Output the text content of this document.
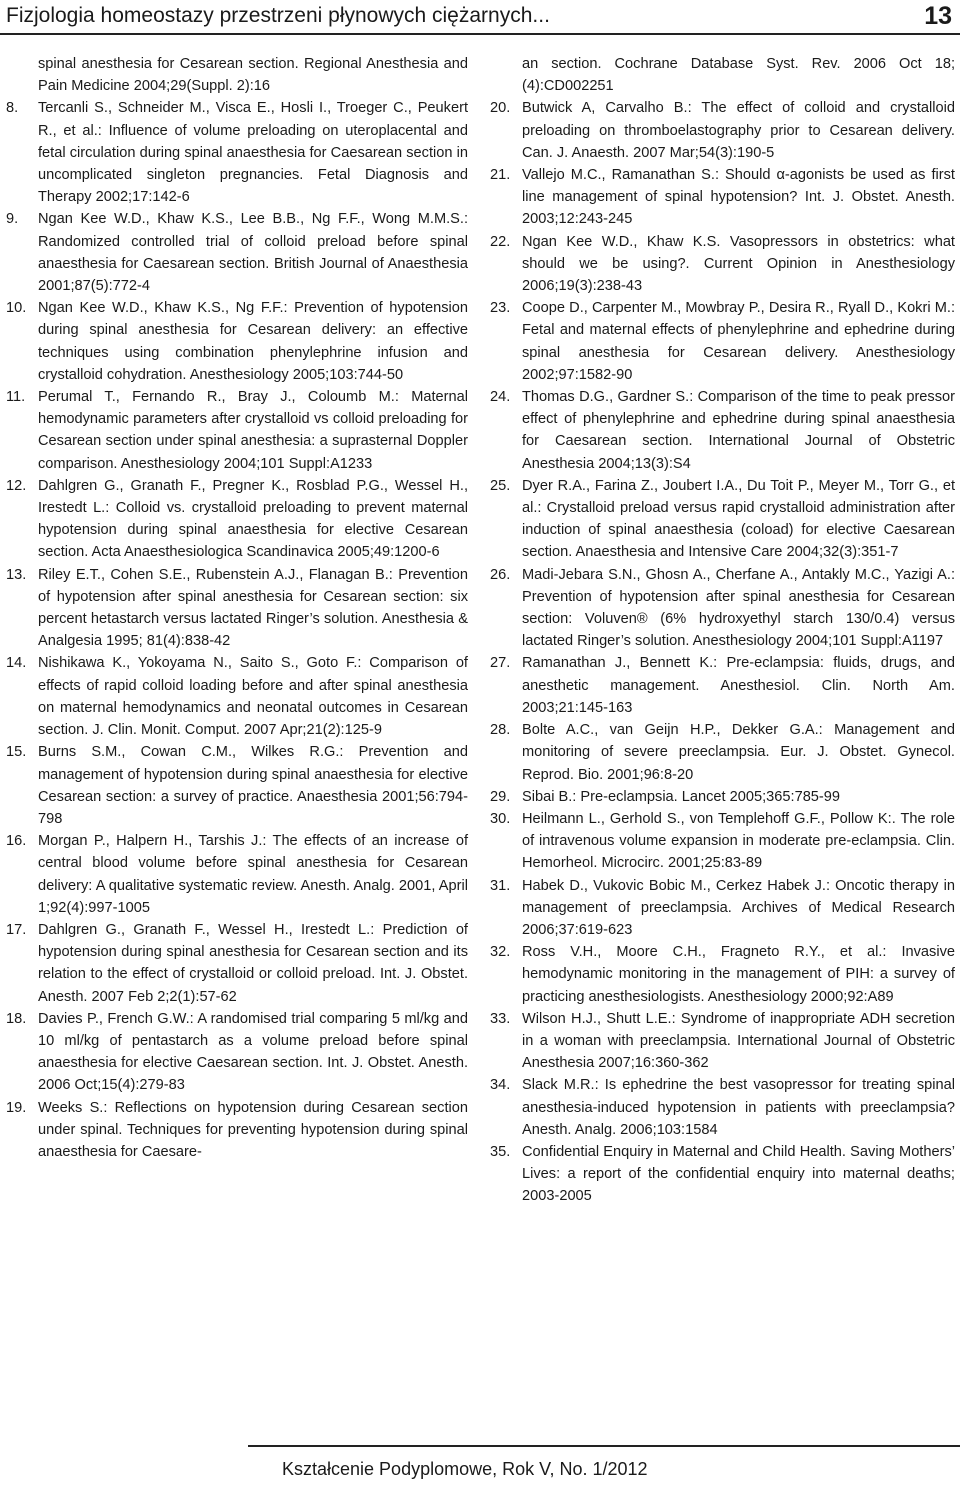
Fizjologia homeostazy przestrzeni płynowych ciężarnych...	13
spinal anesthesia for Cesarean section. Regional Anesthesia and Pain Medicine 2004;29(Suppl. 2):16
8. Tercanli S., Schneider M., Visca E., Hosli I., Troeger C., Peukert R., et al.: Influence of volume preloading on uteroplacental and fetal circulation during spinal anaesthesia for Caesarean section in uncomplicated singleton pregnancies. Fetal Diagnosis and Therapy 2002;17:142-6
9. Ngan Kee W.D., Khaw K.S., Lee B.B., Ng F.F., Wong M.M.S.: Randomized controlled trial of colloid preload before spinal anaesthesia for Caesarean section. British Journal of Anaesthesia 2001;87(5):772-4
10. Ngan Kee W.D., Khaw K.S., Ng F.F.: Prevention of hypotension during spinal anesthesia for Cesarean delivery: an effective techniques using combination phenylephrine infusion and crystalloid cohydration. Anesthesiology 2005;103:744-50
11. Perumal T., Fernando R., Bray J., Coloumb M.: Maternal hemodynamic parameters after crystalloid vs colloid preloading for Cesarean section under spinal anesthesia: a suprasternal Doppler comparison. Anesthesiology 2004;101 Suppl:A1233
12. Dahlgren G., Granath F., Pregner K., Rosblad P.G., Wessel H., Irestedt L.: Colloid vs. crystalloid preloading to prevent maternal hypotension during spinal anaesthesia for elective Cesarean section. Acta Anaesthesiologica Scandinavica 2005;49:1200-6
13. Riley E.T., Cohen S.E., Rubenstein A.J., Flanagan B.: Prevention of hypotension after spinal anesthesia for Cesarean section: six percent hetastarch versus lactated Ringer’s solution. Anesthesia & Analgesia 1995; 81(4):838-42
14. Nishikawa K., Yokoyama N., Saito S., Goto F.: Comparison of effects of rapid colloid loading before and after spinal anesthesia on maternal hemodynamics and neonatal outcomes in Cesarean section. J. Clin. Monit. Comput. 2007 Apr;21(2):125-9
15. Burns S.M., Cowan C.M., Wilkes R.G.: Prevention and management of hypotension during spinal anaesthesia for elective Cesarean section: a survey of practice. Anaesthesia 2001;56:794-798
16. Morgan P., Halpern H., Tarshis J.: The effects of an increase of central blood volume before spinal anesthesia for Cesarean delivery: A qualitative systematic review. Anesth. Analg. 2001, April 1;92(4):997-1005
17. Dahlgren G., Granath F., Wessel H., Irestedt L.: Prediction of hypotension during spinal anesthesia for Cesarean section and its relation to the effect of crystalloid or colloid preload. Int. J. Obstet. Anesth. 2007 Feb 2;2(1):57-62
18. Davies P., French G.W.: A randomised trial comparing 5 ml/kg and 10 ml/kg of pentastarch as a volume preload before spinal anaesthesia for elective Caesarean section. Int. J. Obstet. Anesth. 2006 Oct;15(4):279-83
19. Weeks S.: Reflections on hypotension during Cesarean section under spinal. Techniques for preventing hypotension during spinal anaesthesia for Caesare-
an section. Cochrane Database Syst. Rev. 2006 Oct 18;(4):CD002251
20. Butwick A, Carvalho B.: The effect of colloid and crystalloid preloading on thromboelastography prior to Cesarean delivery. Can. J. Anaesth. 2007 Mar;54(3):190-5
21. Vallejo M.C., Ramanathan S.: Should α-agonists be used as first line management of spinal hypotension? Int. J. Obstet. Anesth. 2003;12:243-245
22. Ngan Kee W.D., Khaw K.S. Vasopressors in obstetrics: what should we be using?. Current Opinion in Anesthesiology 2006;19(3):238-43
23. Coope D., Carpenter M., Mowbray P., Desira R., Ryall D., Kokri M.: Fetal and maternal effects of phenylephrine and ephedrine during spinal anesthesia for Cesarean delivery. Anesthesiology 2002;97:1582-90
24. Thomas D.G., Gardner S.: Comparison of the time to peak pressor effect of phenylephrine and ephedrine during spinal anaesthesia for Caesarean section. International Journal of Obstetric Anesthesia 2004;13(3):S4
25. Dyer R.A., Farina Z., Joubert I.A., Du Toit P., Meyer M., Torr G., et al.: Crystalloid preload versus rapid crystalloid administration after induction of spinal anaesthesia (coload) for elective Caesarean section. Anaesthesia and Intensive Care 2004;32(3):351-7
26. Madi-Jebara S.N., Ghosn A., Cherfane A., Antakly M.C., Yazigi A.: Prevention of hypotension after spinal anesthesia for Cesarean section: Voluven® (6% hydroxyethyl starch 130/0.4) versus lactated Ringer’s solution. Anesthesiology 2004;101 Suppl:A1197
27. Ramanathan J., Bennett K.: Pre-eclampsia: fluids, drugs, and anesthetic management. Anesthesiol. Clin. North Am. 2003;21:145-163
28. Bolte A.C., van Geijn H.P., Dekker G.A.: Management and monitoring of severe preeclampsia. Eur. J. Obstet. Gynecol. Reprod. Bio. 2001;96:8-20
29. Sibai B.: Pre-eclampsia. Lancet 2005;365:785-99
30. Heilmann L., Gerhold S., von Templehoff G.F., Pollow K:. The role of intravenous volume expansion in moderate pre-eclampsia. Clin. Hemorheol. Microcirc. 2001;25:83-89
31. Habek D., Vukovic Bobic M., Cerkez Habek J.: Oncotic therapy in management of preeclampsia. Archives of Medical Research 2006;37:619-623
32. Ross V.H., Moore C.H., Fragneto R.Y., et al.: Invasive hemodynamic monitoring in the management of PIH: a survey of practicing anesthesiologists. Anesthesiology 2000;92:A89
33. Wilson H.J., Shutt L.E.: Syndrome of inappropriate ADH secretion in a woman with preeclampsia. International Journal of Obstetric Anesthesia 2007;16:360-362
34. Slack M.R.: Is ephedrine the best vasopressor for treating spinal anesthesia-induced hypotension in patients with preeclampsia? Anesth. Analg. 2006;103:1584
35. Confidential Enquiry in Maternal and Child Health. Saving Mothers’ Lives: a report of the confidential enquiry into maternal deaths; 2003-2005
Kształcenie Podyplomowe, Rok V, No. 1/2012
